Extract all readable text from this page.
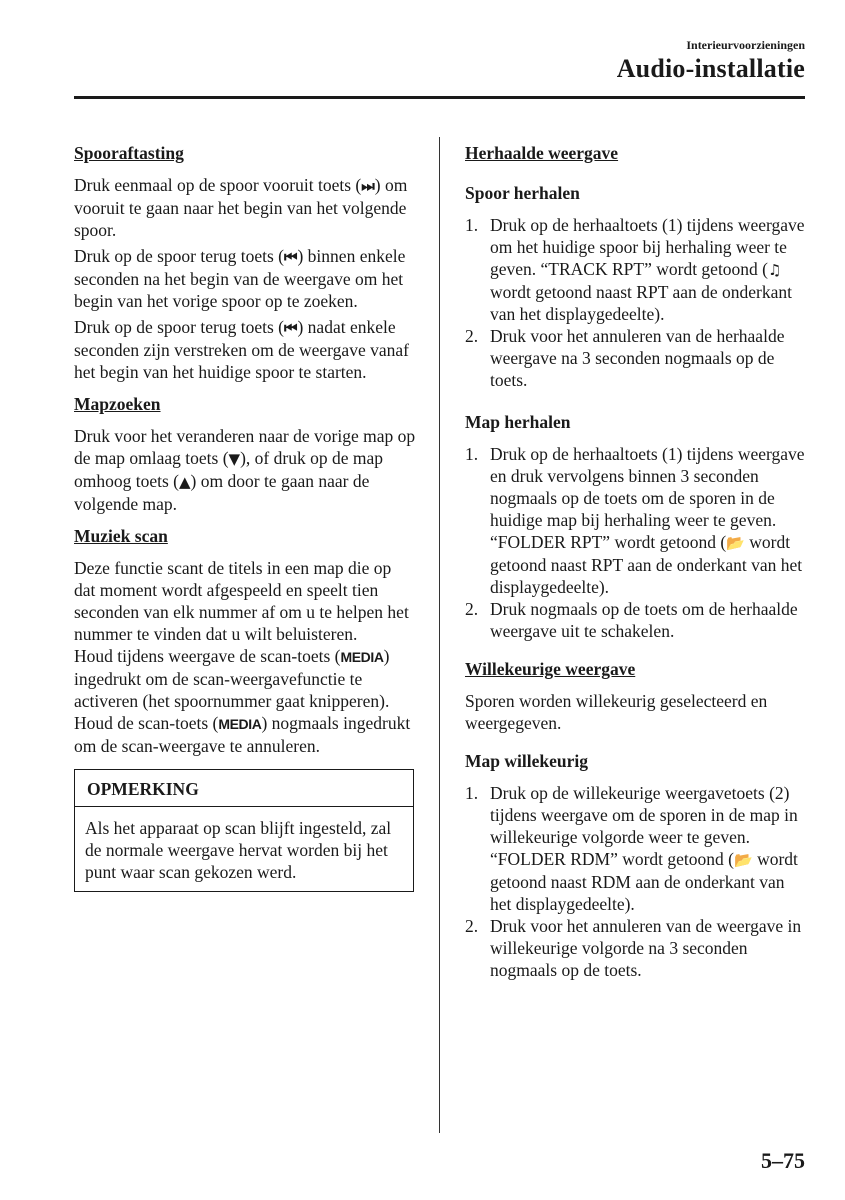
Interieurvoorzieningen
Audio-installatie
Spooraftasting

Druk eenmaal op de spoor vooruit toets (⏭) om vooruit te gaan naar het begin van het volgende spoor.

Druk op de spoor terug toets (⏮) binnen enkele seconden na het begin van de weergave om het begin van het vorige spoor op te zoeken.

Druk op de spoor terug toets (⏮) nadat enkele seconden zijn verstreken om de weergave vanaf het begin van het huidige spoor te starten.

Mapzoeken

Druk voor het veranderen naar de vorige map op de map omlaag toets (▼), of druk op de map omhoog toets (▲) om door te gaan naar de volgende map.

Muziek scan

Deze functie scant de titels in een map die op dat moment wordt afgespeeld en speelt tien seconden van elk nummer af om u te helpen het nummer te vinden dat u wilt beluisteren.

Houd tijdens weergave de scan-toets (MEDIA) ingedrukt om de scan-weergavefunctie te activeren (het spoornummer gaat knipperen). Houd de scan-toets (MEDIA) nogmaals ingedrukt om de scan-weergave te annuleren.

OPMERKING
Als het apparaat op scan blijft ingesteld, zal de normale weergave hervat worden bij het punt waar scan gekozen werd.
Herhaalde weergave
Spoor herhalen
1. Druk op de herhaaltoets (1) tijdens weergave om het huidige spoor bij herhaling weer te geven. “TRACK RPT” wordt getoond (♫ wordt getoond naast RPT aan de onderkant van het displaygedeelte).
2. Druk voor het annuleren van de herhaalde weergave na 3 seconden nogmaals op de toets.
Map herhalen
1. Druk op de herhaaltoets (1) tijdens weergave en druk vervolgens binnen 3 seconden nogmaals op de toets om de sporen in de huidige map bij herhaling weer te geven. “FOLDER RPT” wordt getoond (📂 wordt getoond naast RPT aan de onderkant van het displaygedeelte).
2. Druk nogmaals op de toets om de herhaalde weergave uit te schakelen.
Willekeurige weergave

Sporen worden willekeurig geselecteerd en weergegeven.

Map willekeurig
1. Druk op de willekeurige weergavetoets (2) tijdens weergave om de sporen in de map in willekeurige volgorde weer te geven. “FOLDER RDM” wordt getoond (📂 wordt getoond naast RDM aan de onderkant van het displaygedeelte).
2. Druk voor het annuleren van de weergave in willekeurige volgorde na 3 seconden nogmaals op de toets.
5–75
